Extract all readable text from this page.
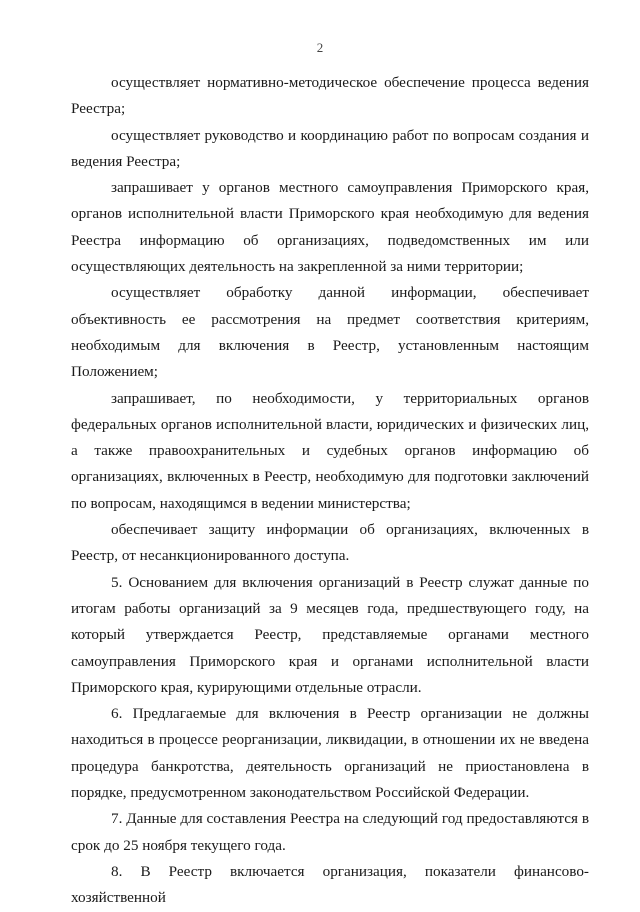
2

осуществляет нормативно-методическое обеспечение процесса ведения Реестра;

осуществляет руководство и координацию работ по вопросам создания и ведения Реестра;

запрашивает у органов местного самоуправления Приморского края, органов исполнительной власти Приморского края необходимую для ведения Реестра информацию об организациях, подведомственных им или осуществляющих деятельность на закрепленной за ними территории;

осуществляет обработку данной информации, обеспечивает объективность ее рассмотрения на предмет соответствия критериям, необходимым для включения в Реестр, установленным настоящим Положением;

запрашивает, по необходимости, у территориальных органов федеральных органов исполнительной власти, юридических и физических лиц, а также правоохранительных и судебных органов информацию об организациях, включенных в Реестр, необходимую для подготовки заключений по вопросам, находящимся в ведении министерства;

обеспечивает защиту информации об организациях, включенных в Реестр, от несанкционированного доступа.

5. Основанием для включения организаций в Реестр служат данные по итогам работы организаций за 9 месяцев года, предшествующего году, на который утверждается Реестр, представляемые органами местного самоуправления Приморского края и органами исполнительной власти Приморского края, курирующими отдельные отрасли.

6. Предлагаемые для включения в Реестр организации не должны находиться в процессе реорганизации, ликвидации, в отношении их не введена процедура банкротства, деятельность организаций не приостановлена в порядке, предусмотренном законодательством Российской Федерации.

7. Данные для составления Реестра на следующий год предоставляются в срок до 25 ноября текущего года.

8. В Реестр включается организация, показатели финансово-хозяйственной
